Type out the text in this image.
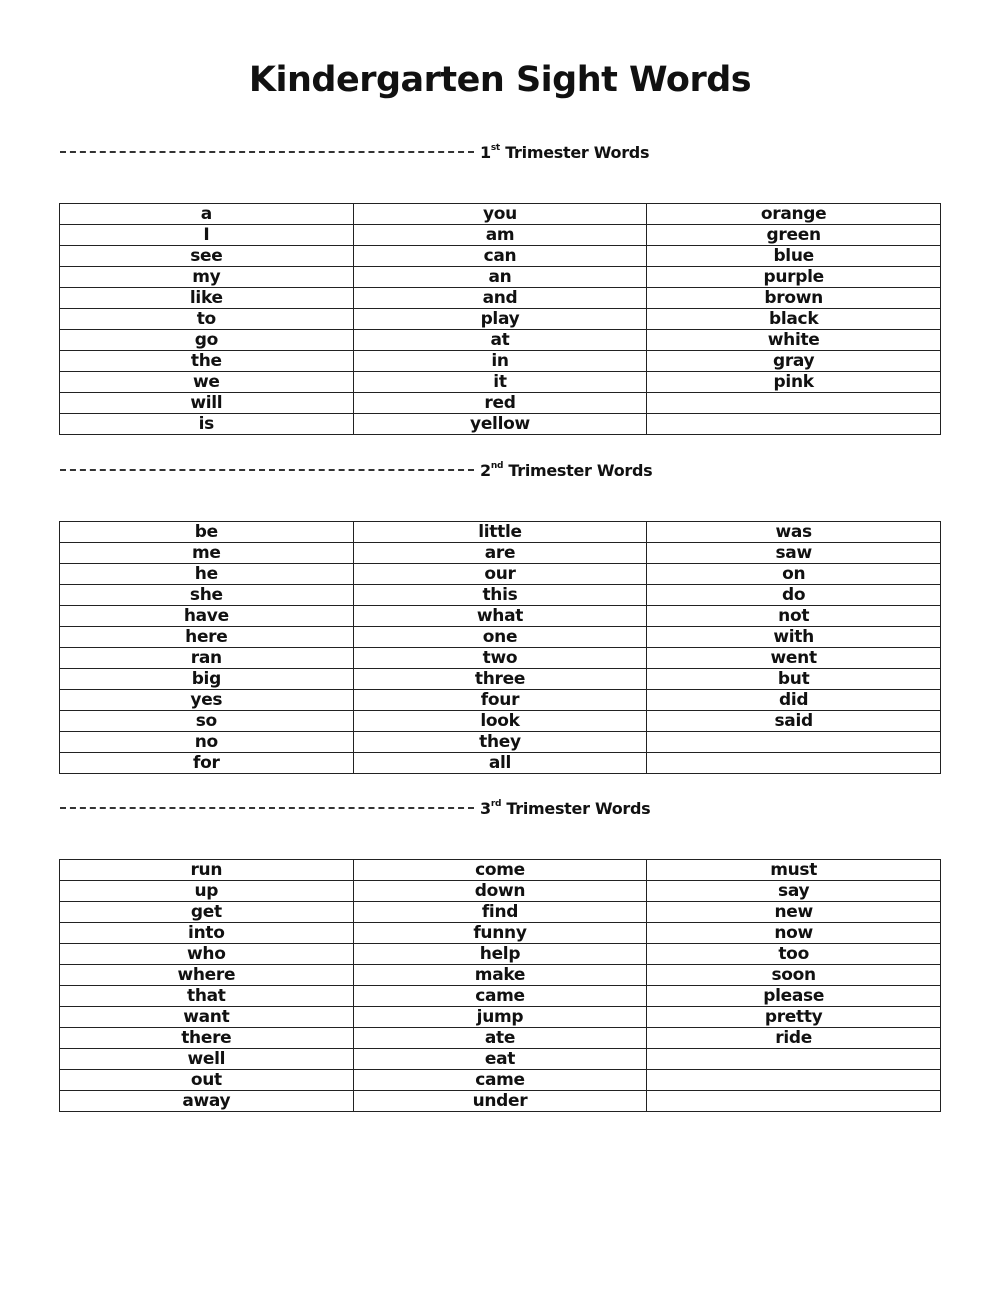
Kindergarten Sight Words
1st Trimester Words
a	you	orange
I	am	green
see	can	blue
my	an	purple
like	and	brown
to	play	black
go	at	white
the	in	gray
we	it	pink
will	red	
is	yellow	
2nd Trimester Words
be	little	was
me	are	saw
he	our	on
she	this	do
have	what	not
here	one	with
ran	two	went
big	three	but
yes	four	did
so	look	said
no	they	
for	all	
3rd Trimester Words
run	come	must
up	down	say
get	find	new
into	funny	now
who	help	too
where	make	soon
that	came	please
want	jump	pretty
there	ate	ride
well	eat	
out	came	
away	under	
